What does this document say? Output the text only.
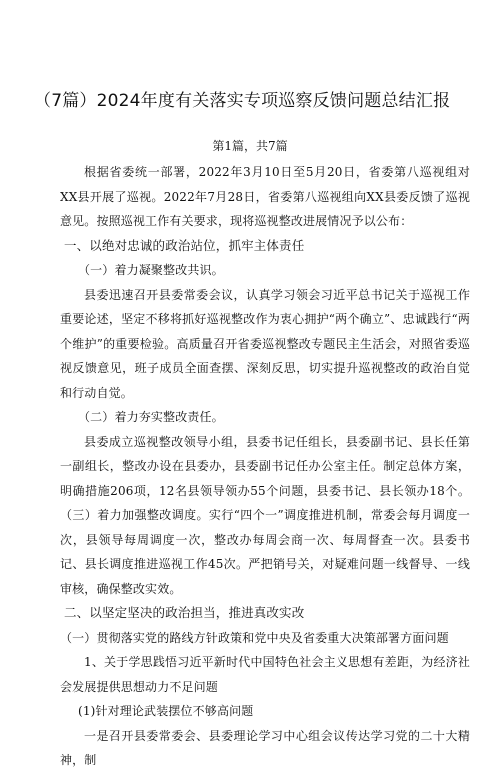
（7篇）2024年度有关落实专项巡察反馈问题总结汇报
第1篇，共7篇

根据省委统一部署，2022年3月10日至5月20日，省委第八巡视组对XX县开展了巡视。2022年7月28日，省委第八巡视组向XX县委反馈了巡视意见。按照巡视工作有关要求，现将巡视整改进展情况予以公布：

一、以绝对忠诚的政治站位，抓牢主体责任

（一）着力凝聚整改共识。

县委迅速召开县委常委会议，认真学习领会习近平总书记关于巡视工作重要论述，坚定不移将抓好巡视整改作为衷心拥护“两个确立”、忠诚践行“两个维护”的重要检验。高质量召开省委巡视整改专题民主生活会，对照省委巡视反馈意见，班子成员全面查摆、深刻反思，切实提升巡视整改的政治自觉和行动自觉。

（二）着力夯实整改责任。

县委成立巡视整改领导小组，县委书记任组长，县委副书记、县长任第一副组长，整改办设在县委办，县委副书记任办公室主任。制定总体方案，明确措施206项，12名县领导领办55个问题，县委书记、县长领办18个。（三）着力加强整改调度。实行“四个一”调度推进机制，常委会每月调度一次，县领导每周调度一次，整改办每周会商一次、每周督查一次。县委书记、县长调度推进巡视工作45次。严把销号关，对疑难问题一线督导、一线审核，确保整改实效。

二、以坚定坚决的政治担当，推进真改实改

（一）贯彻落实党的路线方针政策和党中央及省委重大决策部署方面问题

1、关于学思践悟习近平新时代中国特色社会主义思想有差距，为经济社会发展提供思想动力不足问题

(1)针对理论武装摆位不够高问题

一是召开县委常委会、县委理论学习中心组会议传达学习党的二十大精神，制
